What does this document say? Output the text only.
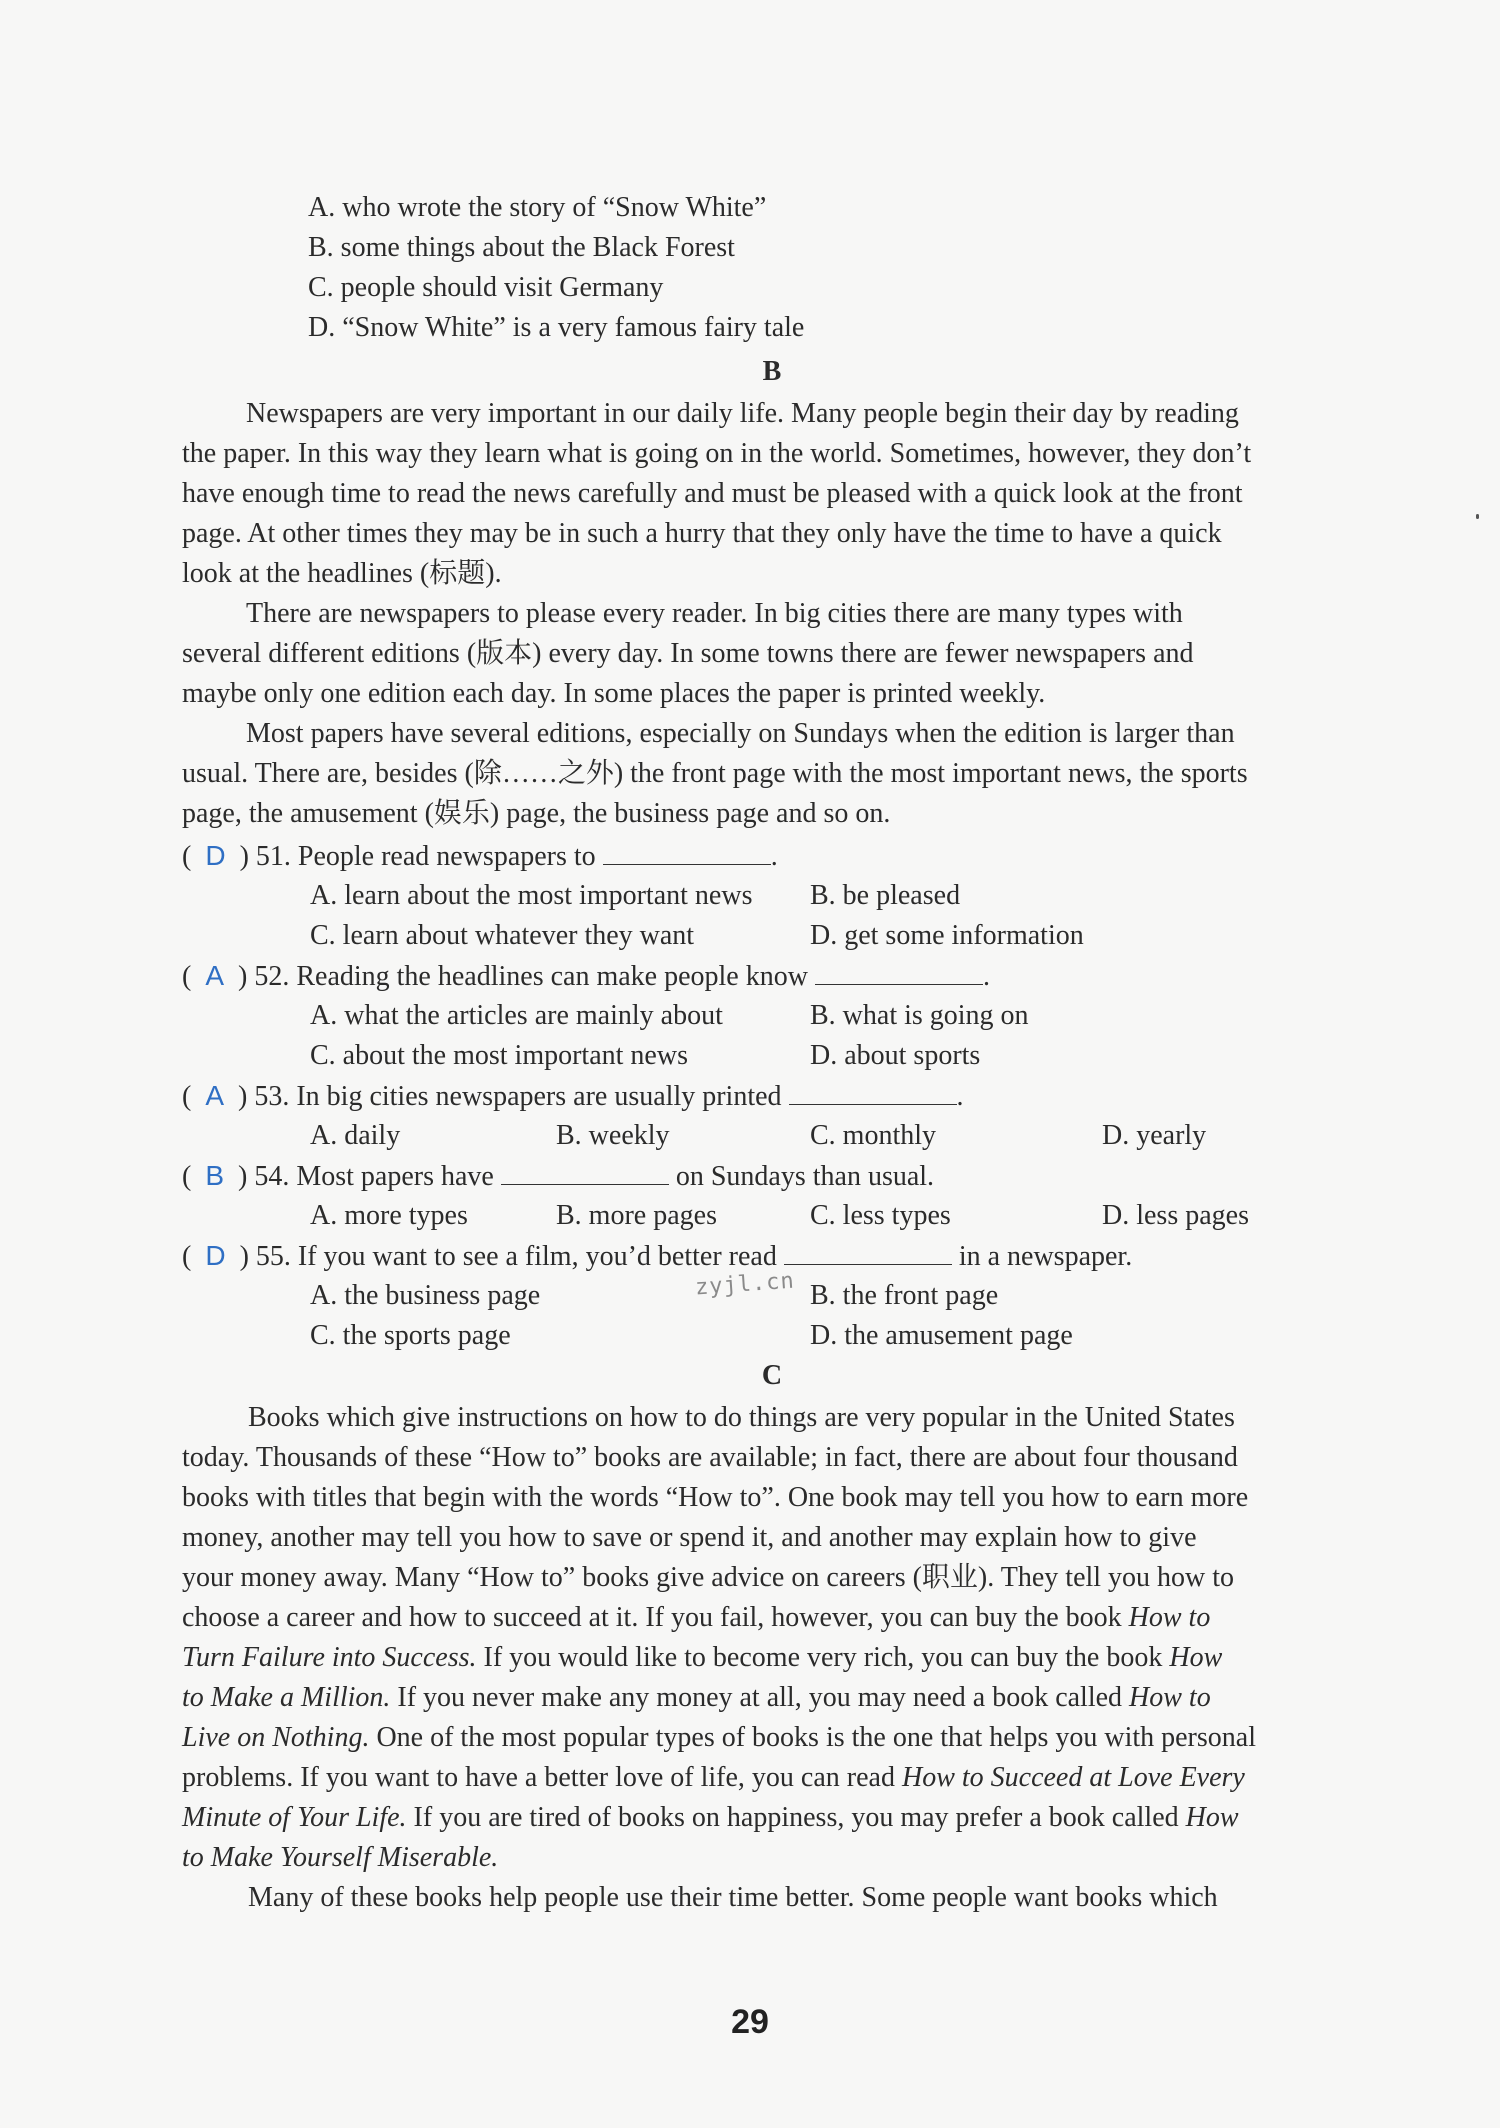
A. who wrote the story of “Snow White”
B. some things about the Black Forest
C. people should visit Germany
D. “Snow White” is a very famous fairy tale
B
Newspapers are very important in our daily life. Many people begin their day by reading
the paper. In this way they learn what is going on in the world. Sometimes, however, they don’t
have enough time to read the news carefully and must be pleased with a quick look at the front
page. At other times they may be in such a hurry that they only have the time to have a quick
look at the headlines (标题).
There are newspapers to please every reader. In big cities there are many types with
several different editions (版本) every day. In some towns there are fewer newspapers and
maybe only one edition each day. In some places the paper is printed weekly.
Most papers have several editions, especially on Sundays when the edition is larger than
usual. There are, besides (除……之外) the front page with the most important news, the sports
page, the amusement (娱乐) page, the business page and so on.
( D ) 51. People read newspapers to	.
A. learn about the most important news B. be pleased
C. learn about whatever they want	D. get some information
( A ) 52. Reading the headlines can make people know	.
A. what the articles are mainly about	B. what is going on
C. about the most important news	D. about sports
( A ) 53. In big cities newspapers are usually printed	.
A. daily	B. weekly	C. monthly	D. yearly
( B ) 54. Most papers have	on Sundays than usual.
A. more types	B. more pages	C. less types	D. less pages
( D ) 55. If you want to see a film, you’d better read	in a newspaper.
A. the business page	B. the front page
C. the sports page	D. the amusement page
zyjl.cn
C
Books which give instructions on how to do things are very popular in the United States
today. Thousands of these “How to” books are available; in fact, there are about four thousand
books with titles that begin with the words “How to”. One book may tell you how to earn more
money, another may tell you how to save or spend it, and another may explain how to give
your money away. Many “How to” books give advice on careers (职业). They tell you how to
choose a career and how to succeed at it. If you fail, however, you can buy the book How to
Turn Failure into Success. If you would like to become very rich, you can buy the book How
to Make a Million. If you never make any money at all, you may need a book called How to
Live on Nothing. One of the most popular types of books is the one that helps you with personal
problems. If you want to have a better love of life, you can read How to Succeed at Love Every
Minute of Your Life. If you are tired of books on happiness, you may prefer a book called How
to Make Yourself Miserable.
Many of these books help people use their time better. Some people want books which
29
